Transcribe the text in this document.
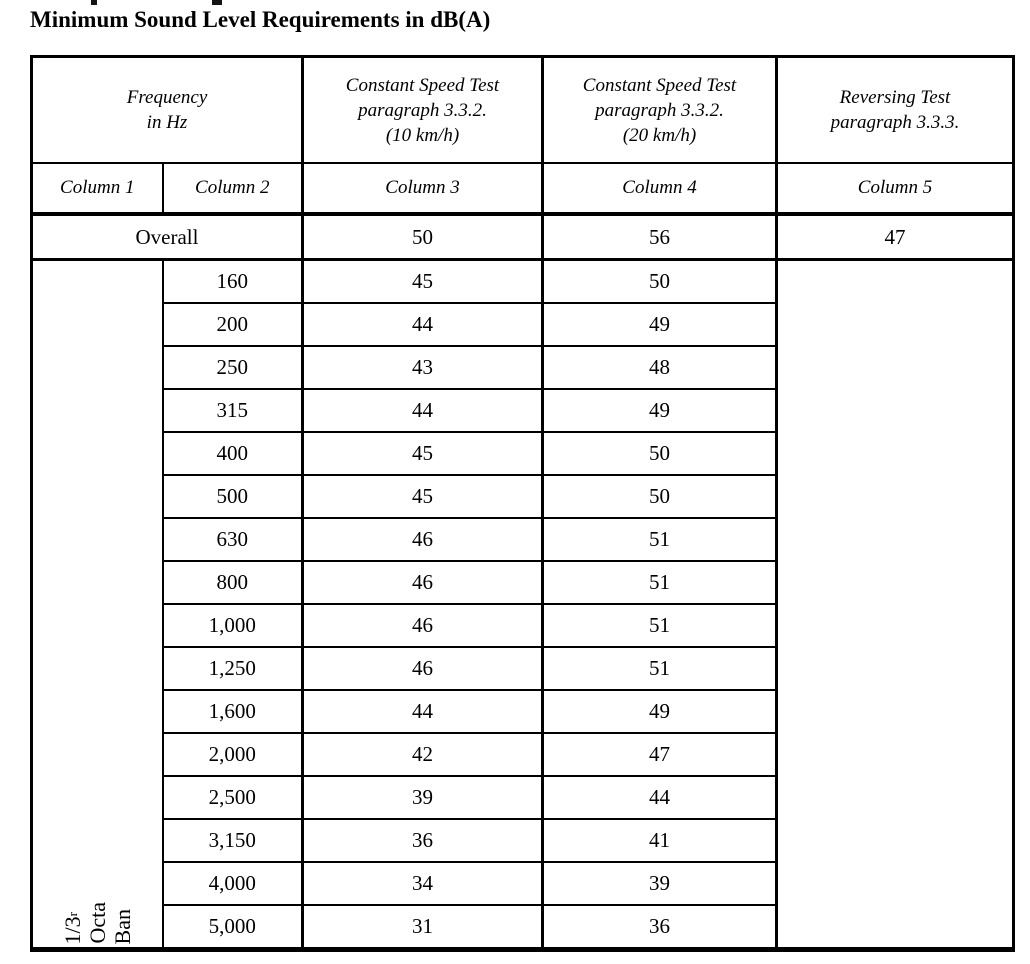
Minimum Sound Level Requirements in dB(A)
Frequency
in Hz

Constant Speed Test
paragraph 3.3.2.
(10 km/h)

Constant Speed Test
paragraph 3.3.2.
(20 km/h)

Reversing Test
paragraph 3.3.3.

Column 1	Column 2	Column 3	Column 4	Column 5
Overall		50	56	47

1/3r Octa Ban	160	45	50	
	200	44	49	
	250	43	48	
	315	44	49	
	400	45	50	
	500	45	50	
	630	46	51	
	800	46	51	
	1,000	46	51	
	1,250	46	51	
	1,600	44	49	
	2,000	42	47	
	2,500	39	44	
	3,150	36	41	
	4,000	34	39	
	5,000	31	36	
